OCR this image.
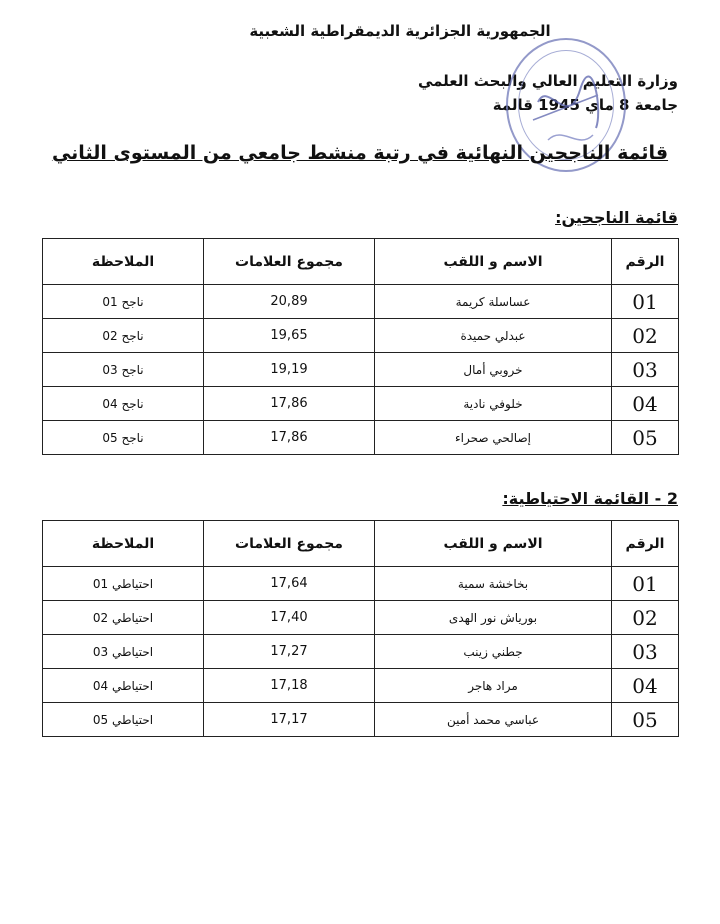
الجمهورية الجزائرية الديمقراطية الشعبية
وزارة التعليم العالي والبحث العلمي
جامعة 8 ماي 1945 قالمة
قائمة الناجحين النهائية في رتبة منشط جامعي من المستوى الثاني
قائمة الناجحين:
الرقم	الاسم و اللقب	مجموع العلامات	الملاحظة
01	عساسلة كريمة	20,89	ناجح 01
02	عبدلي حميدة	19,65	ناجح 02
03	خروبي أمال	19,19	ناجح 03
04	خلوفي نادية	17,86	ناجح 04
05	إصالحي صحراء	17,86	ناجح 05
2 - القائمة الاحتياطية:
الرقم	الاسم و اللقب	مجموع العلامات	الملاحظة
01	بخاخشة سمية	17,64	احتياطي 01
02	بورياش نور الهدى	17,40	احتياطي 02
03	جطني زينب	17,27	احتياطي 03
04	مراد هاجر	17,18	احتياطي 04
05	عباسي محمد أمين	17,17	احتياطي 05
